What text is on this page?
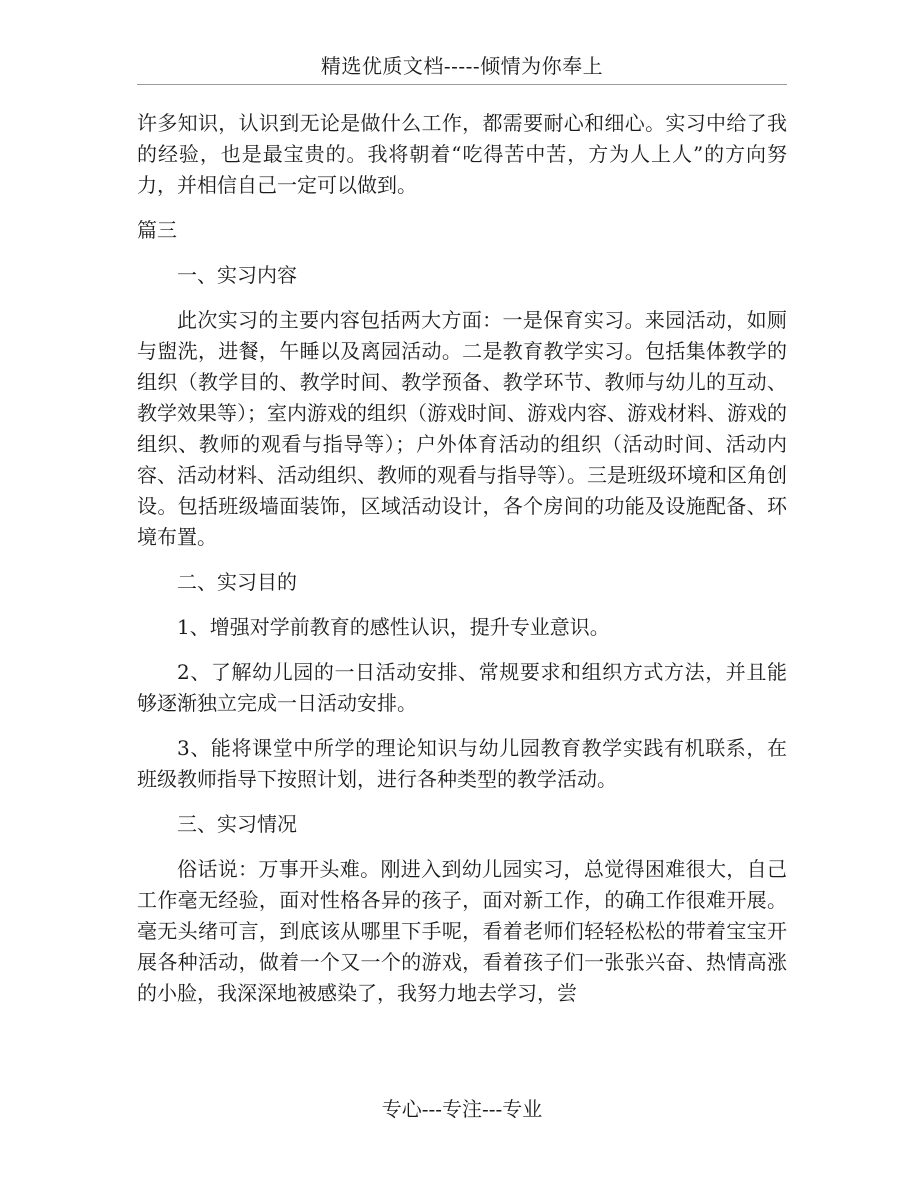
精选优质文档-----倾情为你奉上

许多知识，认识到无论是做什么工作，都需要耐心和细心。实习中给了我的经验，也是最宝贵的。我将朝着“吃得苦中苦，方为人上人”的方向努力，并相信自己一定可以做到。

篇三

一、实习内容

此次实习的主要内容包括两大方面：一是保育实习。来园活动，如厕与盥洗，进餐，午睡以及离园活动。二是教育教学实习。包括集体教学的组织（教学目的、教学时间、教学预备、教学环节、教师与幼儿的互动、教学效果等）；室内游戏的组织（游戏时间、游戏内容、游戏材料、游戏的组织、教师的观看与指导等）；户外体育活动的组织（活动时间、活动内容、活动材料、活动组织、教师的观看与指导等）。三是班级环境和区角创设。包括班级墙面装饰，区域活动设计，各个房间的功能及设施配备、环境布置。

二、实习目的

1、增强对学前教育的感性认识，提升专业意识。

2、了解幼儿园的一日活动安排、常规要求和组织方式方法，并且能够逐渐独立完成一日活动安排。

3、能将课堂中所学的理论知识与幼儿园教育教学实践有机联系，在班级教师指导下按照计划，进行各种类型的教学活动。

三、实习情况

俗话说：万事开头难。刚进入到幼儿园实习，总觉得困难很大，自己工作毫无经验，面对性格各异的孩子，面对新工作，的确工作很难开展。毫无头绪可言，到底该从哪里下手呢，看着老师们轻轻松松的带着宝宝开展各种活动，做着一个又一个的游戏，看着孩子们一张张兴奋、热情高涨的小脸，我深深地被感染了，我努力地去学习，尝

专心---专注---专业
